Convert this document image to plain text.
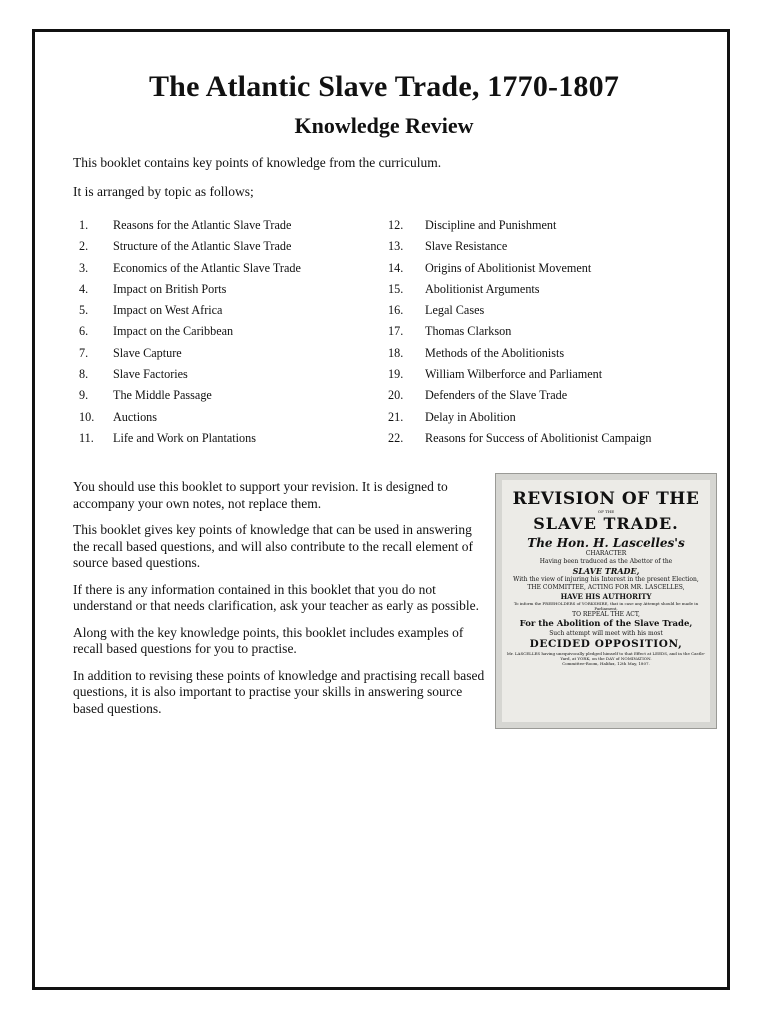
The Atlantic Slave Trade, 1770-1807
Knowledge Review
This booklet contains key points of knowledge from the curriculum.
It is arranged by topic as follows;
1. Reasons for the Atlantic Slave Trade
2. Structure of the Atlantic Slave Trade
3. Economics of the Atlantic Slave Trade
4. Impact on British Ports
5. Impact on West Africa
6. Impact on the Caribbean
7. Slave Capture
8. Slave Factories
9. The Middle Passage
10. Auctions
11. Life and Work on Plantations
12. Discipline and Punishment
13. Slave Resistance
14. Origins of Abolitionist Movement
15. Abolitionist Arguments
16. Legal Cases
17. Thomas Clarkson
18. Methods of the Abolitionists
19. William Wilberforce and Parliament
20. Defenders of the Slave Trade
21. Delay in Abolition
22. Reasons for Success of Abolitionist Campaign

You should use this booklet to support your revision. It is designed to accompany your own notes, not replace them.

This booklet gives key points of knowledge that can be used in answering the recall based questions, and will also contribute to the recall element of source based questions.

If there is any information contained in this booklet that you do not understand or that needs clarification, ask your teacher as early as possible.

Along with the key knowledge points, this booklet includes examples of recall based questions for you to practise.

In addition to revising these points of knowledge and practising recall based questions, it is also important to practise your skills in answering source based questions.

REVISION OF THE
OF THE
SLAVE TRADE.
The Hon. H. Lascelles's
CHARACTER
Having been traduced as the Abettor of the
SLAVE TRADE,
With the view of injuring his Interest in the present Election,
THE COMMITTEE, ACTING FOR MR. LASCELLES,
HAVE HIS AUTHORITY
To inform the FREEHOLDERS of YORKSHIRE, that in case any Attempt should be made in Parliament,
TO REPEAL THE ACT,
For the Abolition of the Slave Trade,
Such attempt will meet with his most
DECIDED OPPOSITION,
Mr. LASCELLES having unequivocally pledged himself to that Effect at LEEDS, and in the Castle-Yard, at YORK, on the DAY of NOMINATION.
Committee-Room, Halifax, 12th May, 1807.
